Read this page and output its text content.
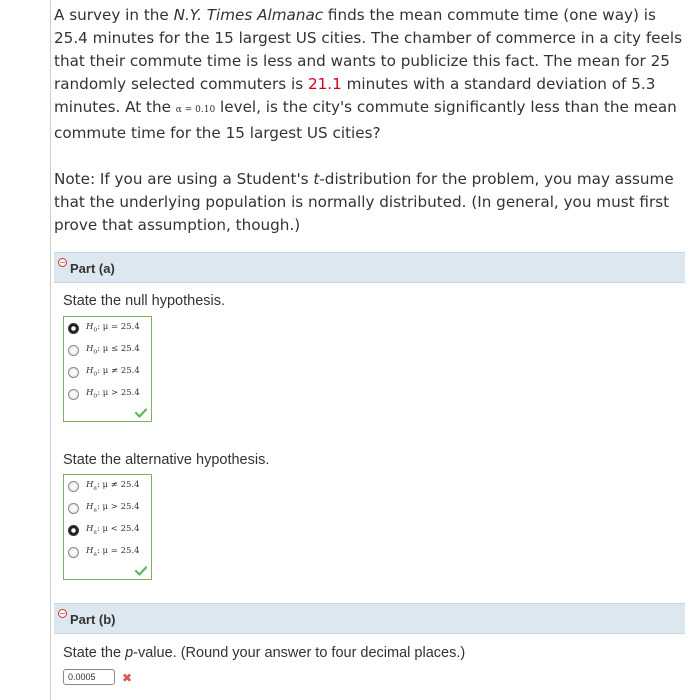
A survey in the N.Y. Times Almanac finds the mean commute time (one way) is 25.4 minutes for the 15 largest US cities. The chamber of commerce in a city feels that their commute time is less and wants to publicize this fact. The mean for 25 randomly selected commuters is 21.1 minutes with a standard deviation of 5.3 minutes. At the α = 0.10 level, is the city's commute significantly less than the mean commute time for the 15 largest US cities?

Note: If you are using a Student's t-distribution for the problem, you may assume that the underlying population is normally distributed. (In general, you must first prove that assumption, though.)

− Part (a)
State the null hypothesis.
$H_0$: μ = 25.4
$H_0$: μ ≤ 25.4
$H_0$: μ ≠ 25.4
$H_0$: μ > 25.4
State the alternative hypothesis.
$H_a$: μ ≠ 25.4
$H_a$: μ > 25.4
$H_a$: μ < 25.4
$H_a$: μ = 25.4
− Part (b)
State the p-value. (Round your answer to four decimal places.)
0.0005	✖
